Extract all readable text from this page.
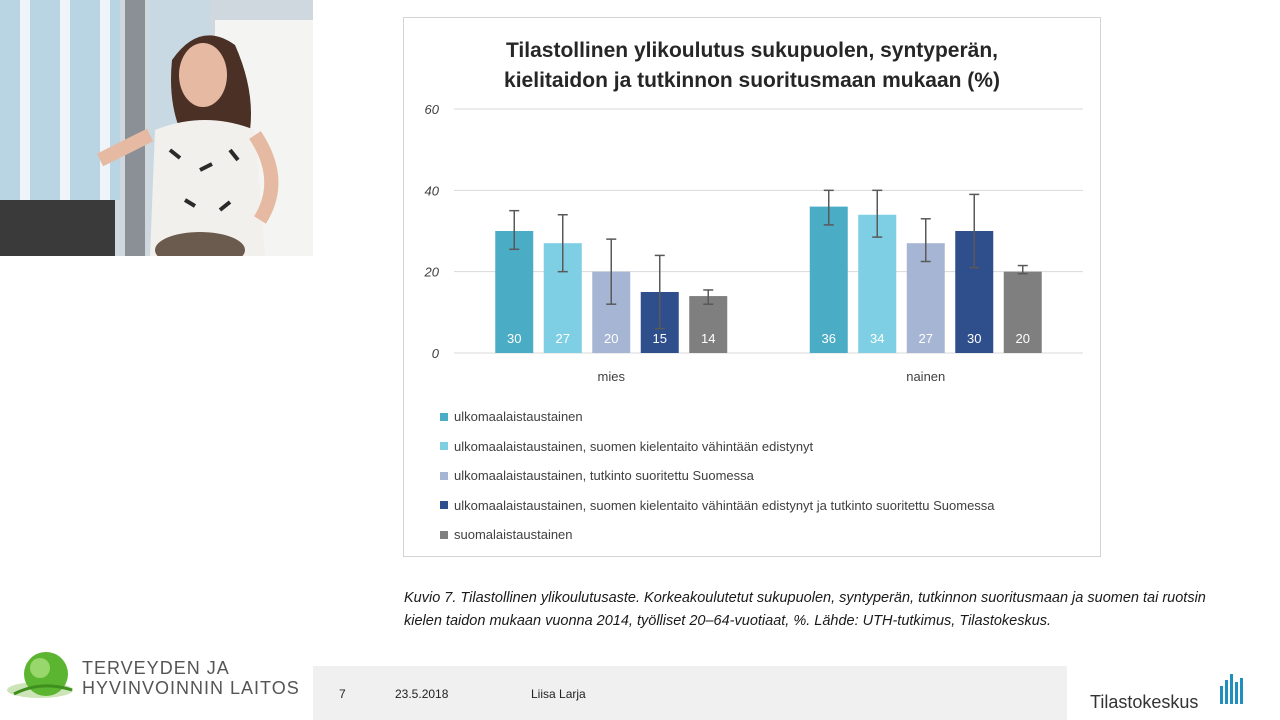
Tilastollinen ylikoulutus sukupuolen, syntyperän,
kielitaidon ja tutkinnon suoritusmaan mukaan (%)
0
20
40
60
30	27	20	15	14
mies
36	34	27	30	20
nainen
ulkomaalaistaustainen
ulkomaalaistaustainen, suomen kielentaito vähintään edistynyt
ulkomaalaistaustainen, tutkinto suoritettu Suomessa
ulkomaalaistaustainen, suomen kielentaito vähintään edistynyt ja tutkinto suoritettu Suomessa
suomalaistaustainen
Kuvio 7. Tilastollinen ylikoulutusaste. Korkeakoulutetut sukupuolen, syntyperän, tutkinnon suoritusmaan ja suomen tai ruotsin kielen taidon mukaan vuonna 2014, työlliset 20–64-vuotiaat, %. Lähde: UTH-tutkimus, Tilastokeskus.
TERVEYDEN JA
HYVINVOINNIN LAITOS	7	23.5.2018	Liisa Larja	Tilastokeskus
